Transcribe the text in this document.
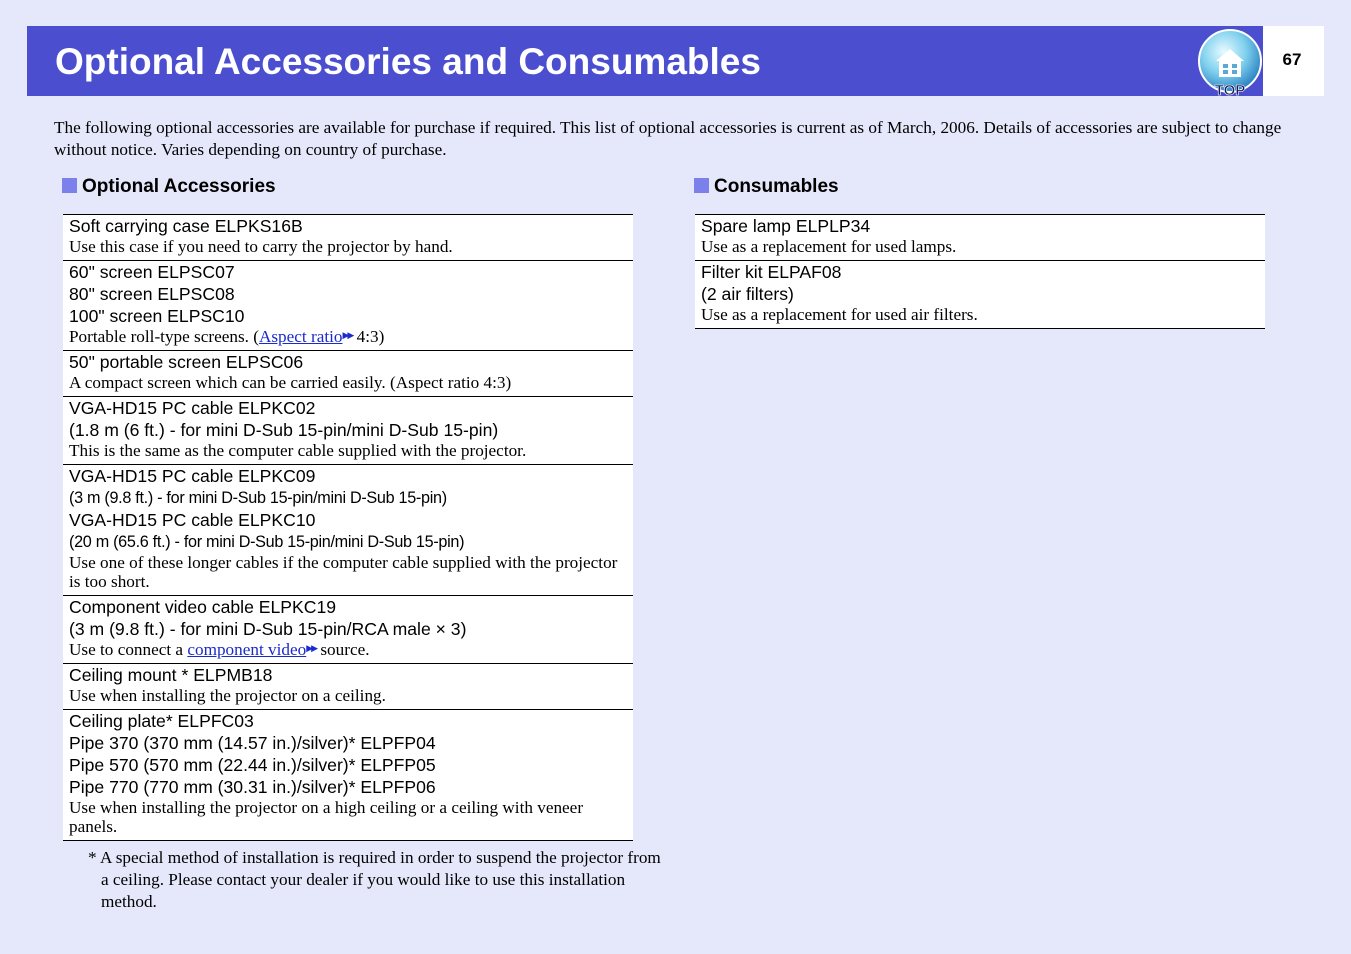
Optional Accessories and Consumables	67
TOP
The following optional accessories are available for purchase if required. This list of optional accessories is current as of March, 2006. Details of accessories are subject to change without notice. Varies depending on country of purchase.
Optional Accessories	Consumables
Soft carrying case ELPKS16B
Use this case if you need to carry the projector by hand.

60" screen ELPSC07
80" screen ELPSC08
100" screen ELPSC10
Portable roll-type screens. (Aspect ratio▶▶ 4:3)

50" portable screen ELPSC06
A compact screen which can be carried easily. (Aspect ratio 4:3)

VGA-HD15 PC cable ELPKC02
(1.8 m (6 ft.) - for mini D-Sub 15-pin/mini D-Sub 15-pin)
This is the same as the computer cable supplied with the projector.

VGA-HD15 PC cable ELPKC09
(3 m (9.8 ft.) - for mini D-Sub 15-pin/mini D-Sub 15-pin)
VGA-HD15 PC cable ELPKC10
(20 m (65.6 ft.) - for mini D-Sub 15-pin/mini D-Sub 15-pin)
Use one of these longer cables if the computer cable supplied with the projector is too short.

Component video cable ELPKC19
(3 m (9.8 ft.) - for mini D-Sub 15-pin/RCA male × 3)
Use to connect a component video▶▶ source.

Ceiling mount * ELPMB18
Use when installing the projector on a ceiling.

Ceiling plate* ELPFC03
Pipe 370 (370 mm (14.57 in.)/silver)* ELPFP04
Pipe 570 (570 mm (22.44 in.)/silver)* ELPFP05
Pipe 770 (770 mm (30.31 in.)/silver)* ELPFP06
Use when installing the projector on a high ceiling or a ceiling with veneer panels.
* A special method of installation is required in order to suspend the projector from a ceiling. Please contact your dealer if you would like to use this installation method.
Spare lamp ELPLP34
Use as a replacement for used lamps.

Filter kit ELPAF08
(2 air filters)
Use as a replacement for used air filters.
